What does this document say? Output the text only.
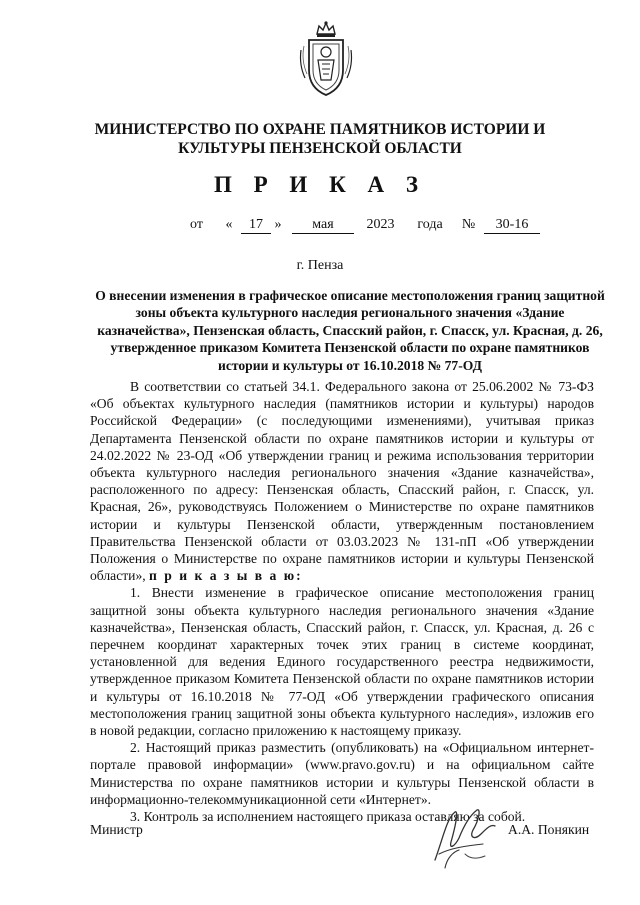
МИНИСТЕРСТВО ПО ОХРАНЕ ПАМЯТНИКОВ ИСТОРИИ И КУЛЬТУРЫ ПЕНЗЕНСКОЙ ОБЛАСТИ
П Р И К А З
от « 17 » мая 2023 года № 30-16
г. Пенза
О внесении изменения в графическое описание местоположения границ защитной зоны объекта культурного наследия регионального значения «Здание казначейства», Пензенская область, Спасский район, г. Спасск, ул. Красная, д. 26, утвержденное приказом Комитета Пензенской области по охране памятников истории и культуры от 16.10.2018 № 77-ОД

В соответствии со статьей 34.1. Федерального закона от 25.06.2002 № 73-ФЗ «Об объектах культурного наследия (памятников истории и культуры) народов Российской Федерации» (с последующими изменениями), учитывая приказ Департамента Пензенской области по охране памятников истории и культуры от 24.02.2022 № 23-ОД «Об утверждении границ и режима использования территории объекта культурного наследия регионального значения «Здание казначейства», расположенного по адресу: Пензенская область, Спасский район, г. Спасск, ул. Красная, 26», руководствуясь Положением о Министерстве по охране памятников истории и культуры Пензенской области, утвержденным постановлением Правительства Пензенской области от 03.03.2023 № 131-пП «Об утверждении Положения о Министерстве по охране памятников истории и культуры Пензенской области», п р и к а з ы в а ю:

1. Внести изменение в графическое описание местоположения границ защитной зоны объекта культурного наследия регионального значения «Здание казначейства», Пензенская область, Спасский район, г. Спасск, ул. Красная, д. 26 с перечнем координат характерных точек этих границ в системе координат, установленной для ведения Единого государственного реестра недвижимости, утвержденное приказом Комитета Пензенской области по охране памятников истории и культуры от 16.10.2018 № 77-ОД «Об утверждении графического описания местоположения границ защитной зоны объекта культурного наследия», изложив его в новой редакции, согласно приложению к настоящему приказу.

2. Настоящий приказ разместить (опубликовать) на «Официальном интернет-портале правовой информации» (www.pravo.gov.ru) и на официальном сайте Министерства по охране памятников истории и культуры Пензенской области в информационно-телекоммуникационной сети «Интернет».

3. Контроль за исполнением настоящего приказа оставляю за собой.

Министр	А.А. Понякин
